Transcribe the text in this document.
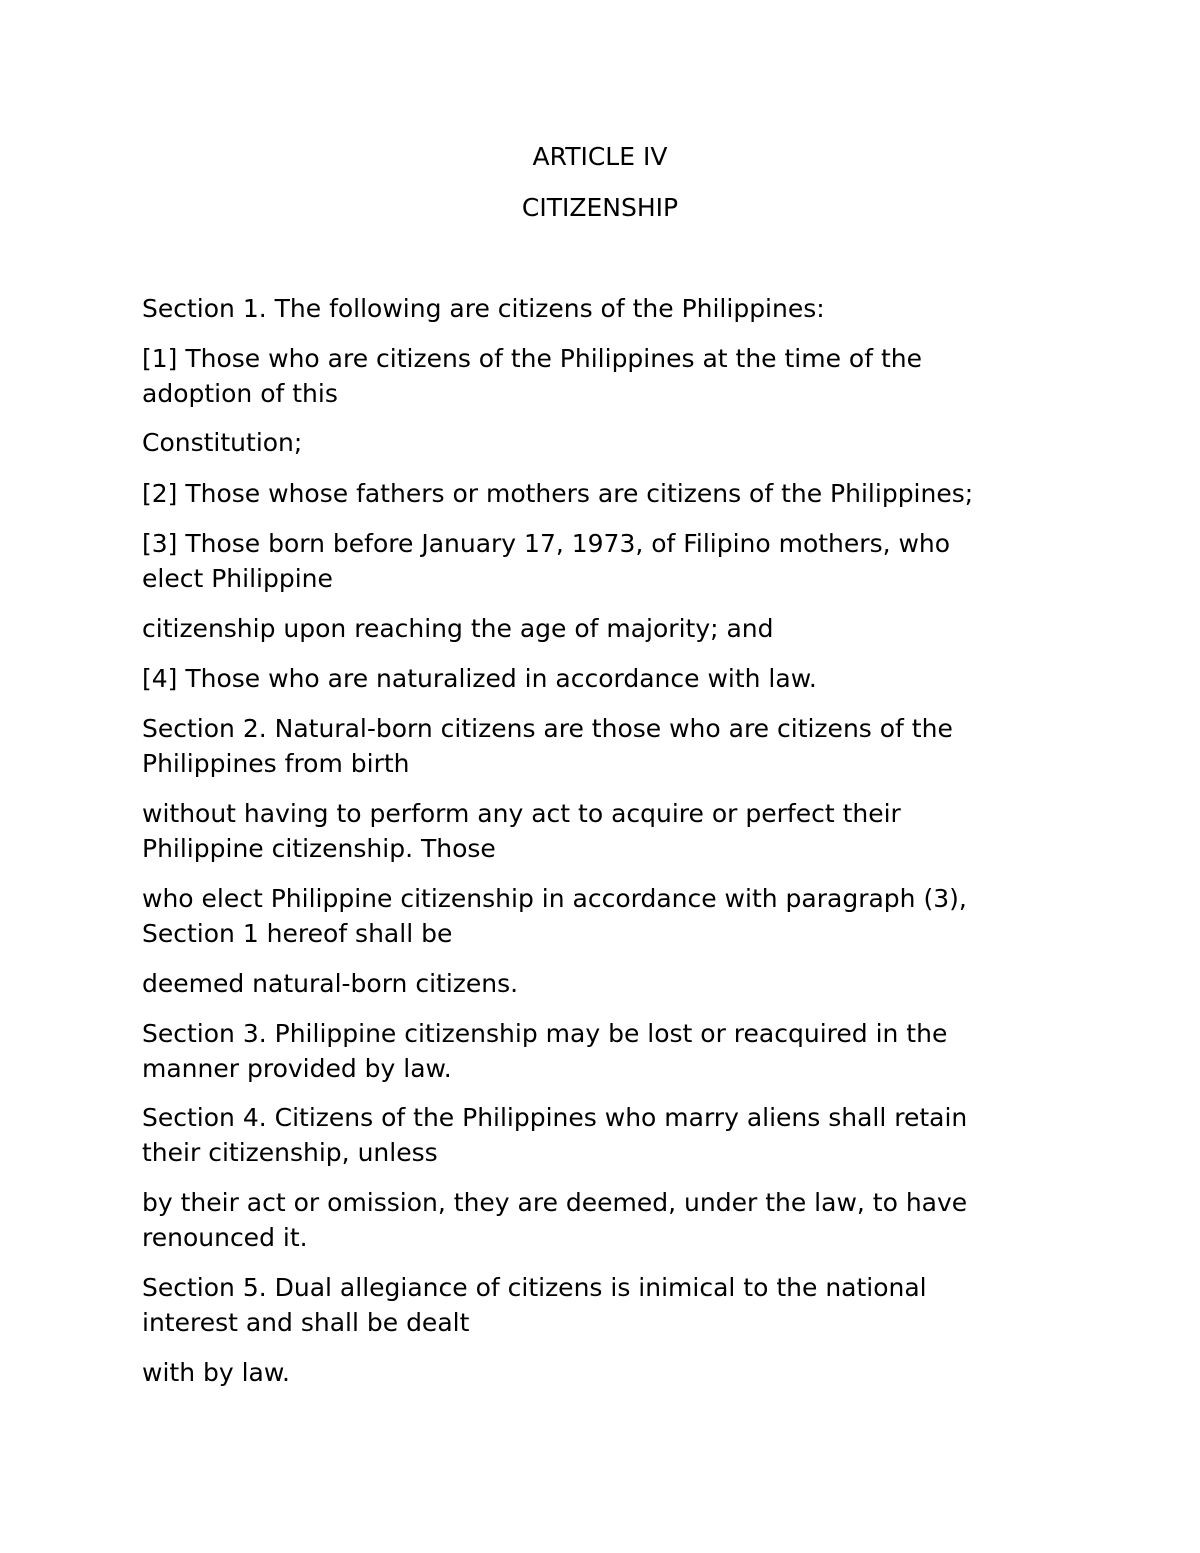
ARTICLE IV
CITIZENSHIP

Section 1. The following are citizens of the Philippines:

[1] Those who are citizens of the Philippines at the time of the

adoption of this

Constitution;

[2] Those whose fathers or mothers are citizens of the Philippines;

[3] Those born before January 17, 1973, of Filipino mothers, who

elect Philippine

citizenship upon reaching the age of majority; and

[4] Those who are naturalized in accordance with law.

Section 2. Natural-born citizens are those who are citizens of the

Philippines from birth

without having to perform any act to acquire or perfect their

Philippine citizenship. Those

who elect Philippine citizenship in accordance with paragraph (3),

Section 1 hereof shall be

deemed natural-born citizens.

Section 3. Philippine citizenship may be lost or reacquired in the

manner provided by law.

Section 4. Citizens of the Philippines who marry aliens shall retain

their citizenship, unless

by their act or omission, they are deemed, under the law, to have

renounced it.

Section 5. Dual allegiance of citizens is inimical to the national

interest and shall be dealt

with by law.
